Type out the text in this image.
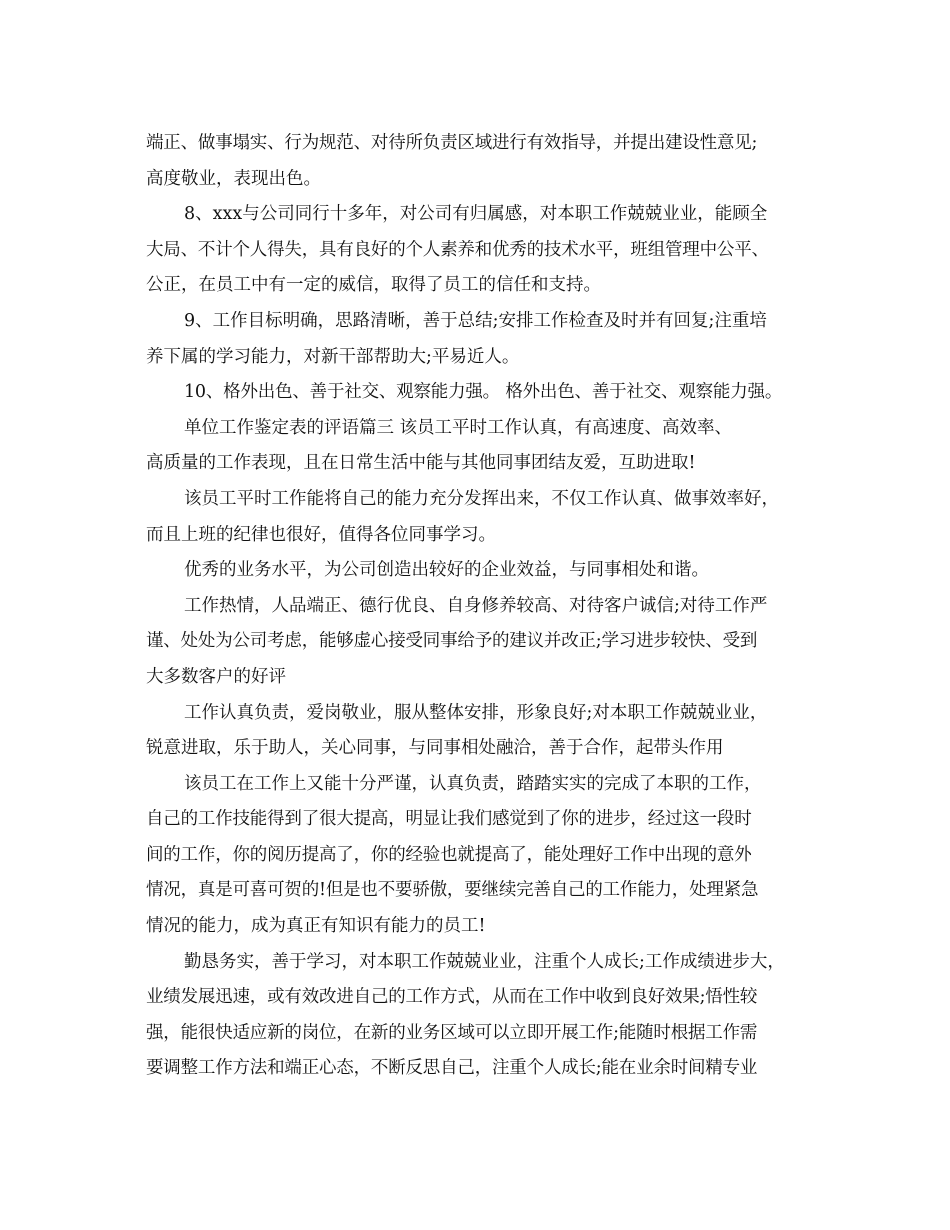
端正、做事塌实、行为规范、对待所负责区域进行有效指导，并提出建设性意见;
高度敬业，表现出色。
8、xxx与公司同行十多年，对公司有归属感，对本职工作兢兢业业，能顾全
大局、不计个人得失，具有良好的个人素养和优秀的技术水平，班组管理中公平、
公正，在员工中有一定的威信，取得了员工的信任和支持。
9、工作目标明确，思路清晰，善于总结;安排工作检查及时并有回复;注重培
养下属的学习能力，对新干部帮助大;平易近人。
10、格外出色、善于社交、观察能力强。 格外出色、善于社交、观察能力强。
单位工作鉴定表的评语篇三 该员工平时工作认真，有高速度、高效率、
高质量的工作表现，且在日常生活中能与其他同事团结友爱，互助进取!
该员工平时工作能将自己的能力充分发挥出来，不仅工作认真、做事效率好，
而且上班的纪律也很好，值得各位同事学习。
优秀的业务水平，为公司创造出较好的企业效益，与同事相处和谐。
工作热情，人品端正、德行优良、自身修养较高、对待客户诚信;对待工作严
谨、处处为公司考虑，能够虚心接受同事给予的建议并改正;学习进步较快、受到
大多数客户的好评
工作认真负责，爱岗敬业，服从整体安排，形象良好;对本职工作兢兢业业，
锐意进取，乐于助人，关心同事，与同事相处融洽，善于合作，起带头作用
该员工在工作上又能十分严谨，认真负责，踏踏实实的完成了本职的工作，
自己的工作技能得到了很大提高，明显让我们感觉到了你的进步，经过这一段时
间的工作，你的阅历提高了，你的经验也就提高了，能处理好工作中出现的意外
情况，真是可喜可贺的!但是也不要骄傲，要继续完善自己的工作能力，处理紧急
情况的能力，成为真正有知识有能力的员工!
勤恳务实，善于学习，对本职工作兢兢业业，注重个人成长;工作成绩进步大，
业绩发展迅速，或有效改进自己的工作方式，从而在工作中收到良好效果;悟性较
强，能很快适应新的岗位，在新的业务区域可以立即开展工作;能随时根据工作需
要调整工作方法和端正心态，不断反思自己，注重个人成长;能在业余时间精专业
